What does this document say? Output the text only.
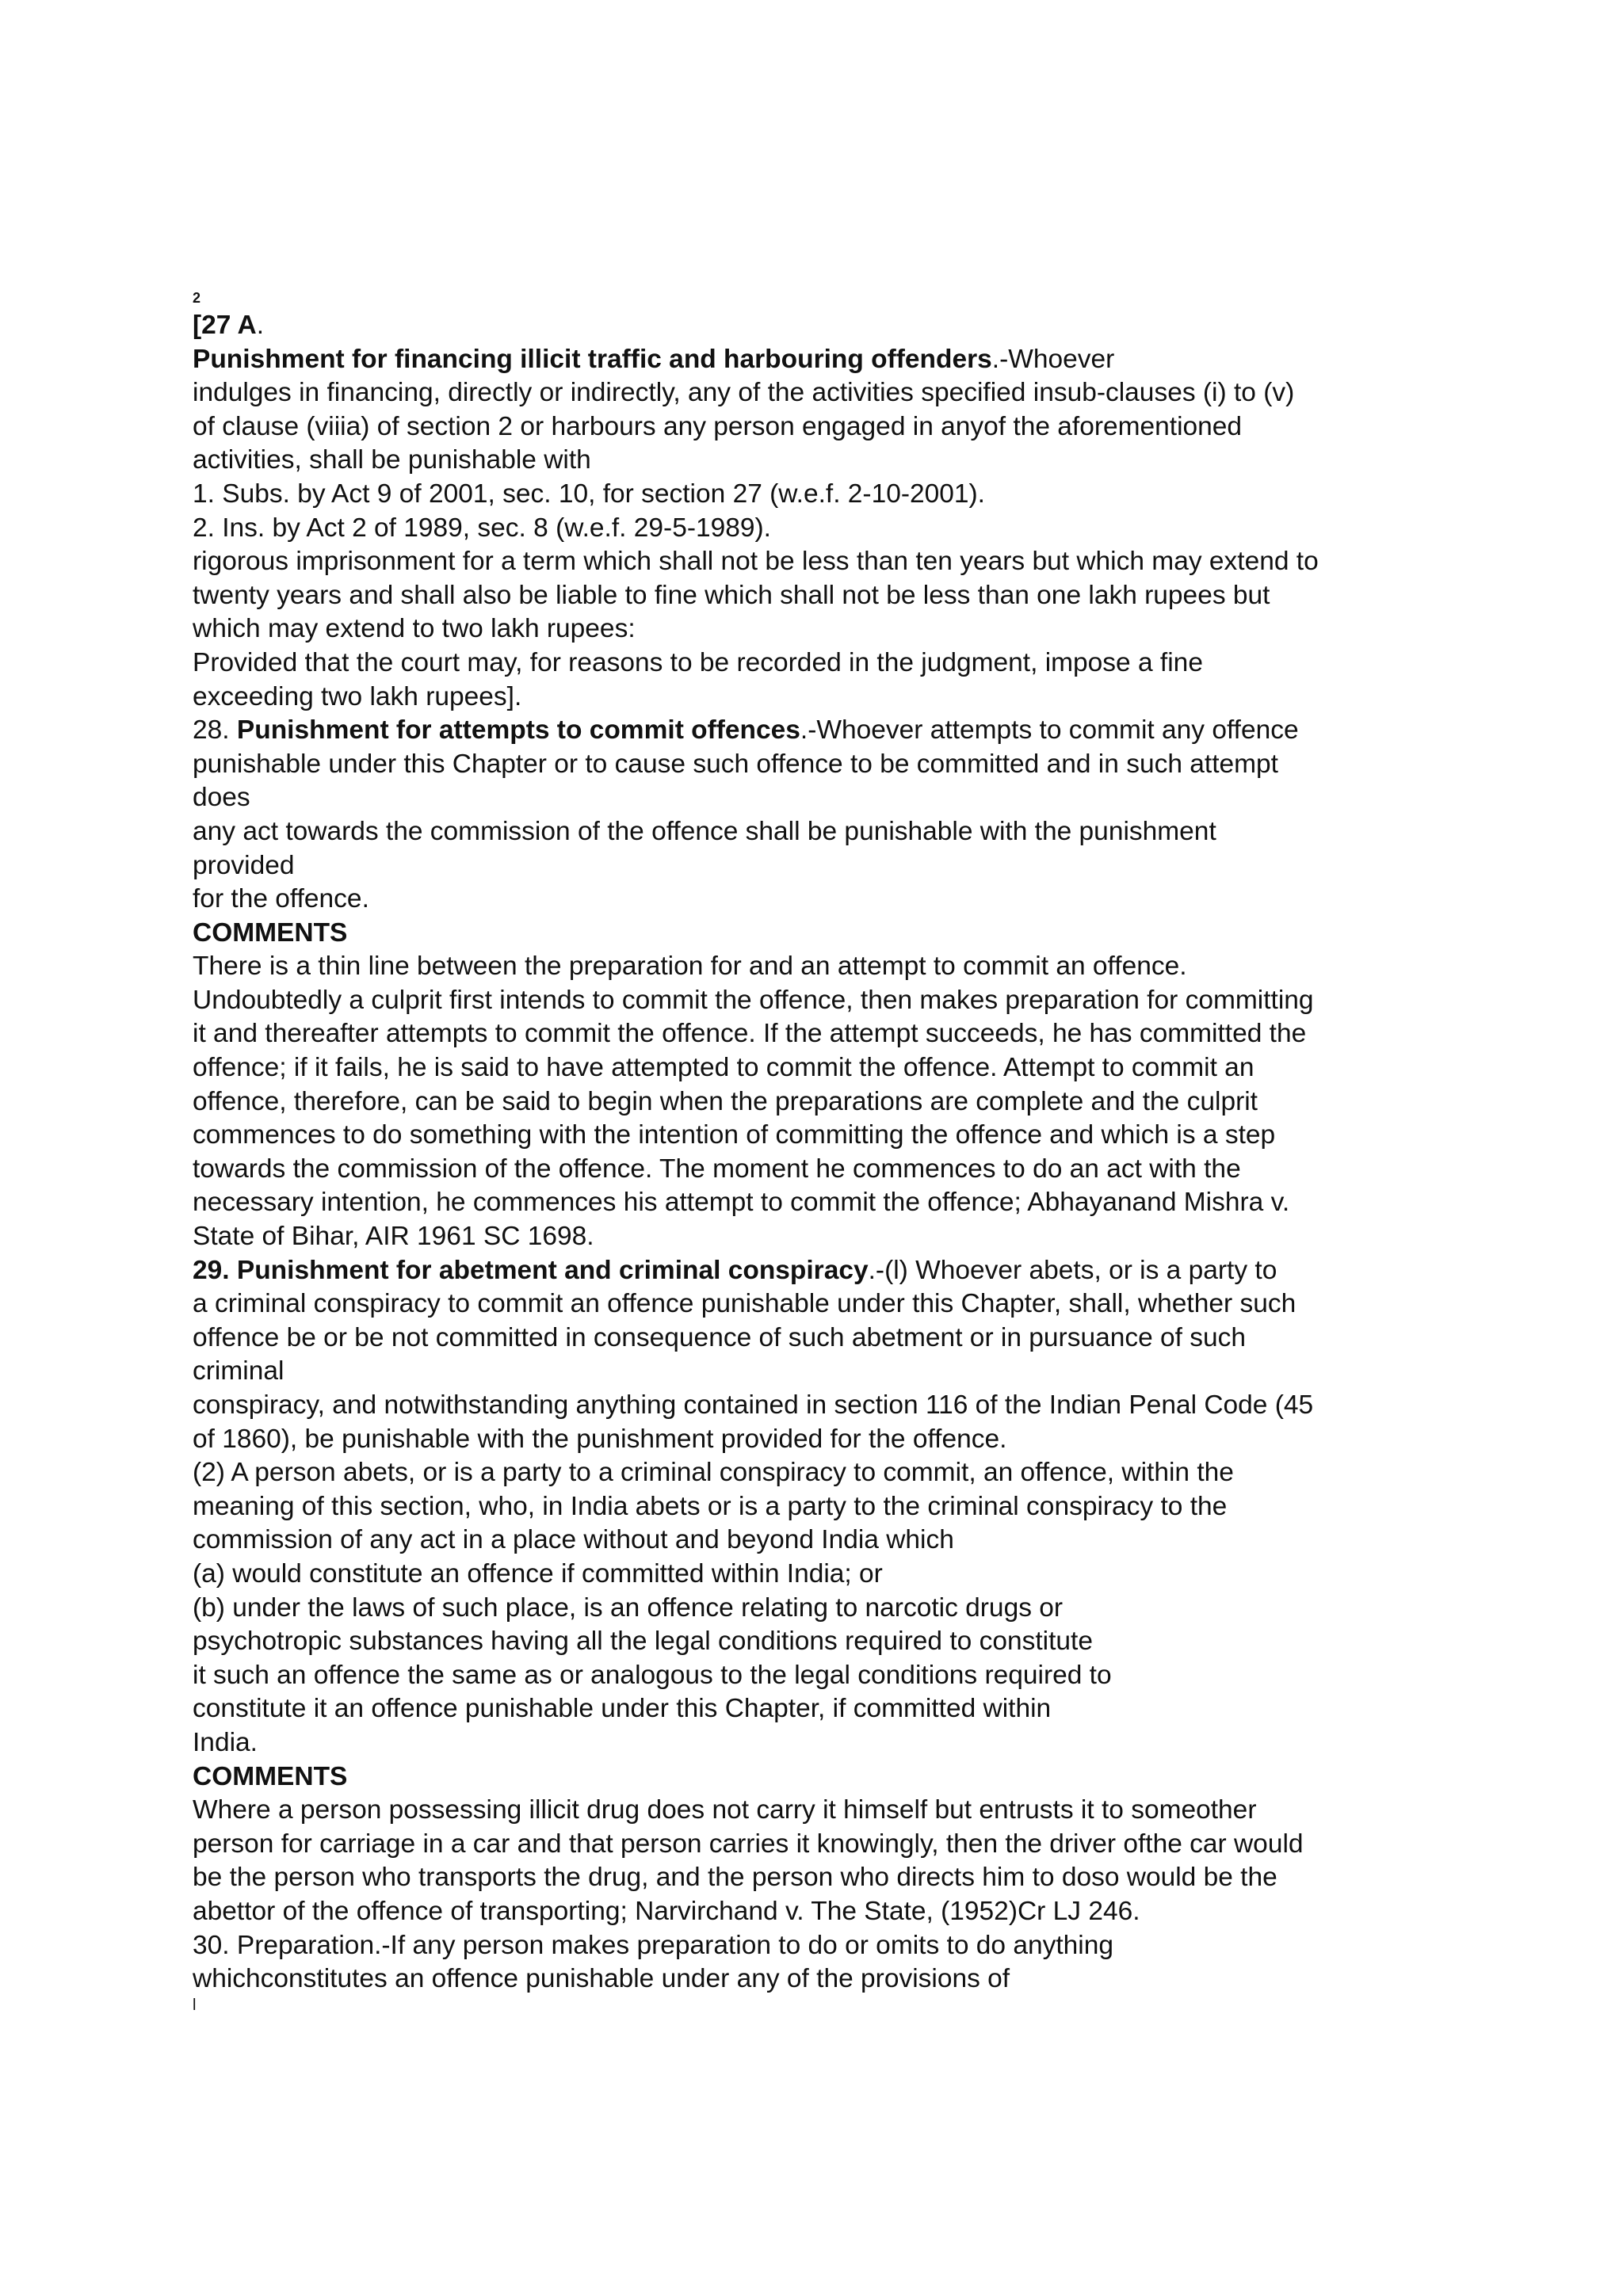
2
[27 A.
Punishment for financing illicit traffic and harbouring offenders.-Whoever
indulges in financing, directly or indirectly, any of the activities specified insub-clauses (i) to (v)
of clause (viiia) of section 2 or harbours any person engaged in anyof the aforementioned
activities, shall be punishable with
1. Subs. by Act 9 of 2001, sec. 10, for section 27 (w.e.f. 2-10-2001).
2. Ins. by Act 2 of 1989, sec. 8 (w.e.f. 29-5-1989).
rigorous imprisonment for a term which shall not be less than ten years but which may extend to
twenty years and shall also be liable to fine which shall not be less than one lakh rupees but
which may extend to two lakh rupees:
Provided that the court may, for reasons to be recorded in the judgment, impose a fine
exceeding two lakh rupees].
28. Punishment for attempts to commit offences.-Whoever attempts to commit any offence
punishable under this Chapter or to cause such offence to be committed and in such attempt
does
any act towards the commission of the offence shall be punishable with the punishment
provided
for the offence.
COMMENTS
There is a thin line between the preparation for and an attempt to commit an offence.
Undoubtedly a culprit first intends to commit the offence, then makes preparation for committing
it and thereafter attempts to commit the offence. If the attempt succeeds, he has committed the
offence; if it fails, he is said to have attempted to commit the offence. Attempt to commit an
offence, therefore, can be said to begin when the preparations are complete and the culprit
commences to do something with the intention of committing the offence and which is a step
towards the commission of the offence. The moment he commences to do an act with the
necessary intention, he commences his attempt to commit the offence; Abhayanand Mishra v.
State of Bihar, AIR 1961 SC 1698.
29. Punishment for abetment and criminal conspiracy.-(l) Whoever abets, or is a party to
a criminal conspiracy to commit an offence punishable under this Chapter, shall, whether such
offence be or be not committed in consequence of such abetment or in pursuance of such
criminal
conspiracy, and notwithstanding anything contained in section 116 of the Indian Penal Code (45
of 1860), be punishable with the punishment provided for the offence.
(2) A person abets, or is a party to a criminal conspiracy to commit, an offence, within the
meaning of this section, who, in India abets or is a party to the criminal conspiracy to the
commission of any act in a place without and beyond India which
(a) would constitute an offence if committed within India; or
(b) under the laws of such place, is an offence relating to narcotic drugs or
psychotropic substances having all the legal conditions required to constitute
it such an offence the same as or analogous to the legal conditions required to
constitute it an offence punishable under this Chapter, if committed within
India.
COMMENTS
Where a person possessing illicit drug does not carry it himself but entrusts it to someother
person for carriage in a car and that person carries it knowingly, then the driver ofthe car would
be the person who transports the drug, and the person who directs him to doso would be the
abettor of the offence of transporting; Narvirchand v. The State, (1952)Cr LJ 246.
30. Preparation.-If any person makes preparation to do or omits to do anything
whichconstitutes an offence punishable under any of the provisions of
l
